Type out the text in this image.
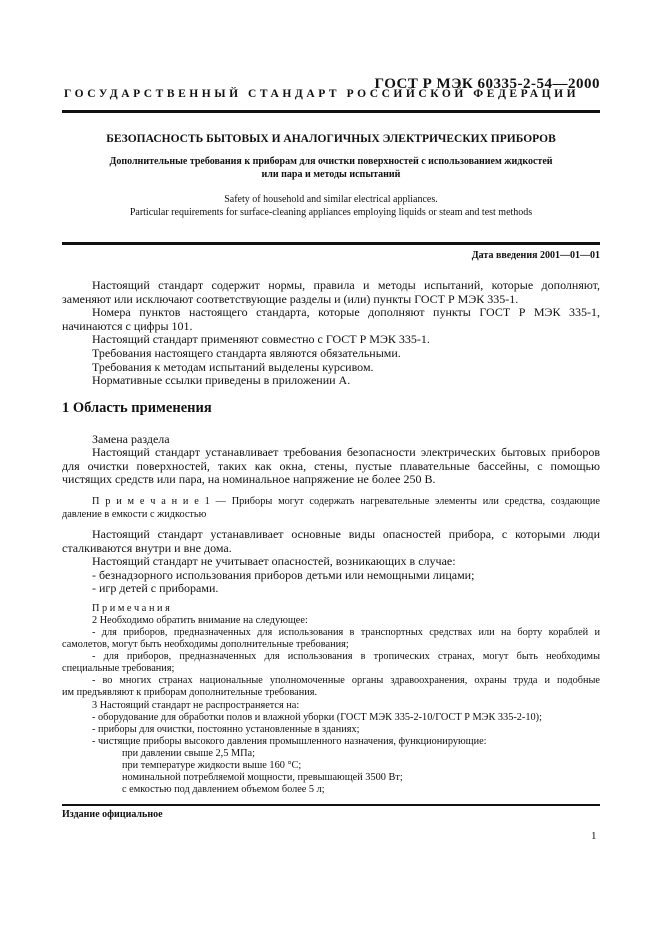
ГОСТ Р МЭК 60335-2-54—2000
ГОСУДАРСТВЕННЫЙ СТАНДАРТ РОССИЙСКОЙ ФЕДЕРАЦИИ
БЕЗОПАСНОСТЬ БЫТОВЫХ И АНАЛОГИЧНЫХ ЭЛЕКТРИЧЕСКИХ ПРИБОРОВ
Дополнительные требования к приборам для очистки поверхностей с использованием жидкостей
или пара и методы испытаний
Safety of household and similar electrical appliances.
Particular requirements for surface-cleaning appliances employing liquids or steam and test methods
Дата введения 2001—01—01
Настоящий стандарт содержит нормы, правила и методы испытаний, которые дополняют,
заменяют или исключают соответствующие разделы и (или) пункты ГОСТ Р МЭК 335-1.
Номера пунктов настоящего стандарта, которые дополняют пункты ГОСТ Р МЭК 335-1,
начинаются с цифры 101.
Настоящий стандарт применяют совместно с ГОСТ Р МЭК 335-1.
Требования настоящего стандарта являются обязательными.
Требования к методам испытаний выделены курсивом.
Нормативные ссылки приведены в приложении А.
1 Область применения
Замена раздела
Настоящий стандарт устанавливает требования безопасности электрических бытовых приборов
для очистки поверхностей, таких как окна, стены, пустые плавательные бассейны, с помощью
чистящих средств или пара, на номинальное напряжение не более 250 В.
П р и м е ч а н и е 1 — Приборы могут содержать нагревательные элементы или средства, создающие
давление в емкости с жидкостью
Настоящий стандарт устанавливает основные виды опасностей прибора, с которыми люди
сталкиваются внутри и вне дома.
Настоящий стандарт не учитывает опасностей, возникающих в случае:
- безнадзорного использования приборов детьми или немощными лицами;
- игр детей с приборами.
П р и м е ч а н и я
2 Необходимо обратить внимание на следующее:
- для приборов, предназначенных для использования в транспортных средствах или на борту кораблей и
самолетов, могут быть необходимы дополнительные требования;
- для приборов, предназначенных для использования в тропических странах, могут быть необходимы
специальные требования;
- во многих странах национальные уполномоченные органы здравоохранения, охраны труда и подобные
им предъявляют к приборам дополнительные требования.
3 Настоящий стандарт не распространяется на:
- оборудование для обработки полов и влажной уборки (ГОСТ МЭК 335-2-10/ГОСТ Р МЭК 335-2-10);
- приборы для очистки, постоянно установленные в зданиях;
- чистящие приборы высокого давления промышленного назначения, функционирующие:
при давлении свыше 2,5 МПа;
при температуре жидкости выше 160 °С;
номинальной потребляемой мощности, превышающей 3500 Вт;
с емкостью под давлением объемом более 5 л;
Издание официальное
1
